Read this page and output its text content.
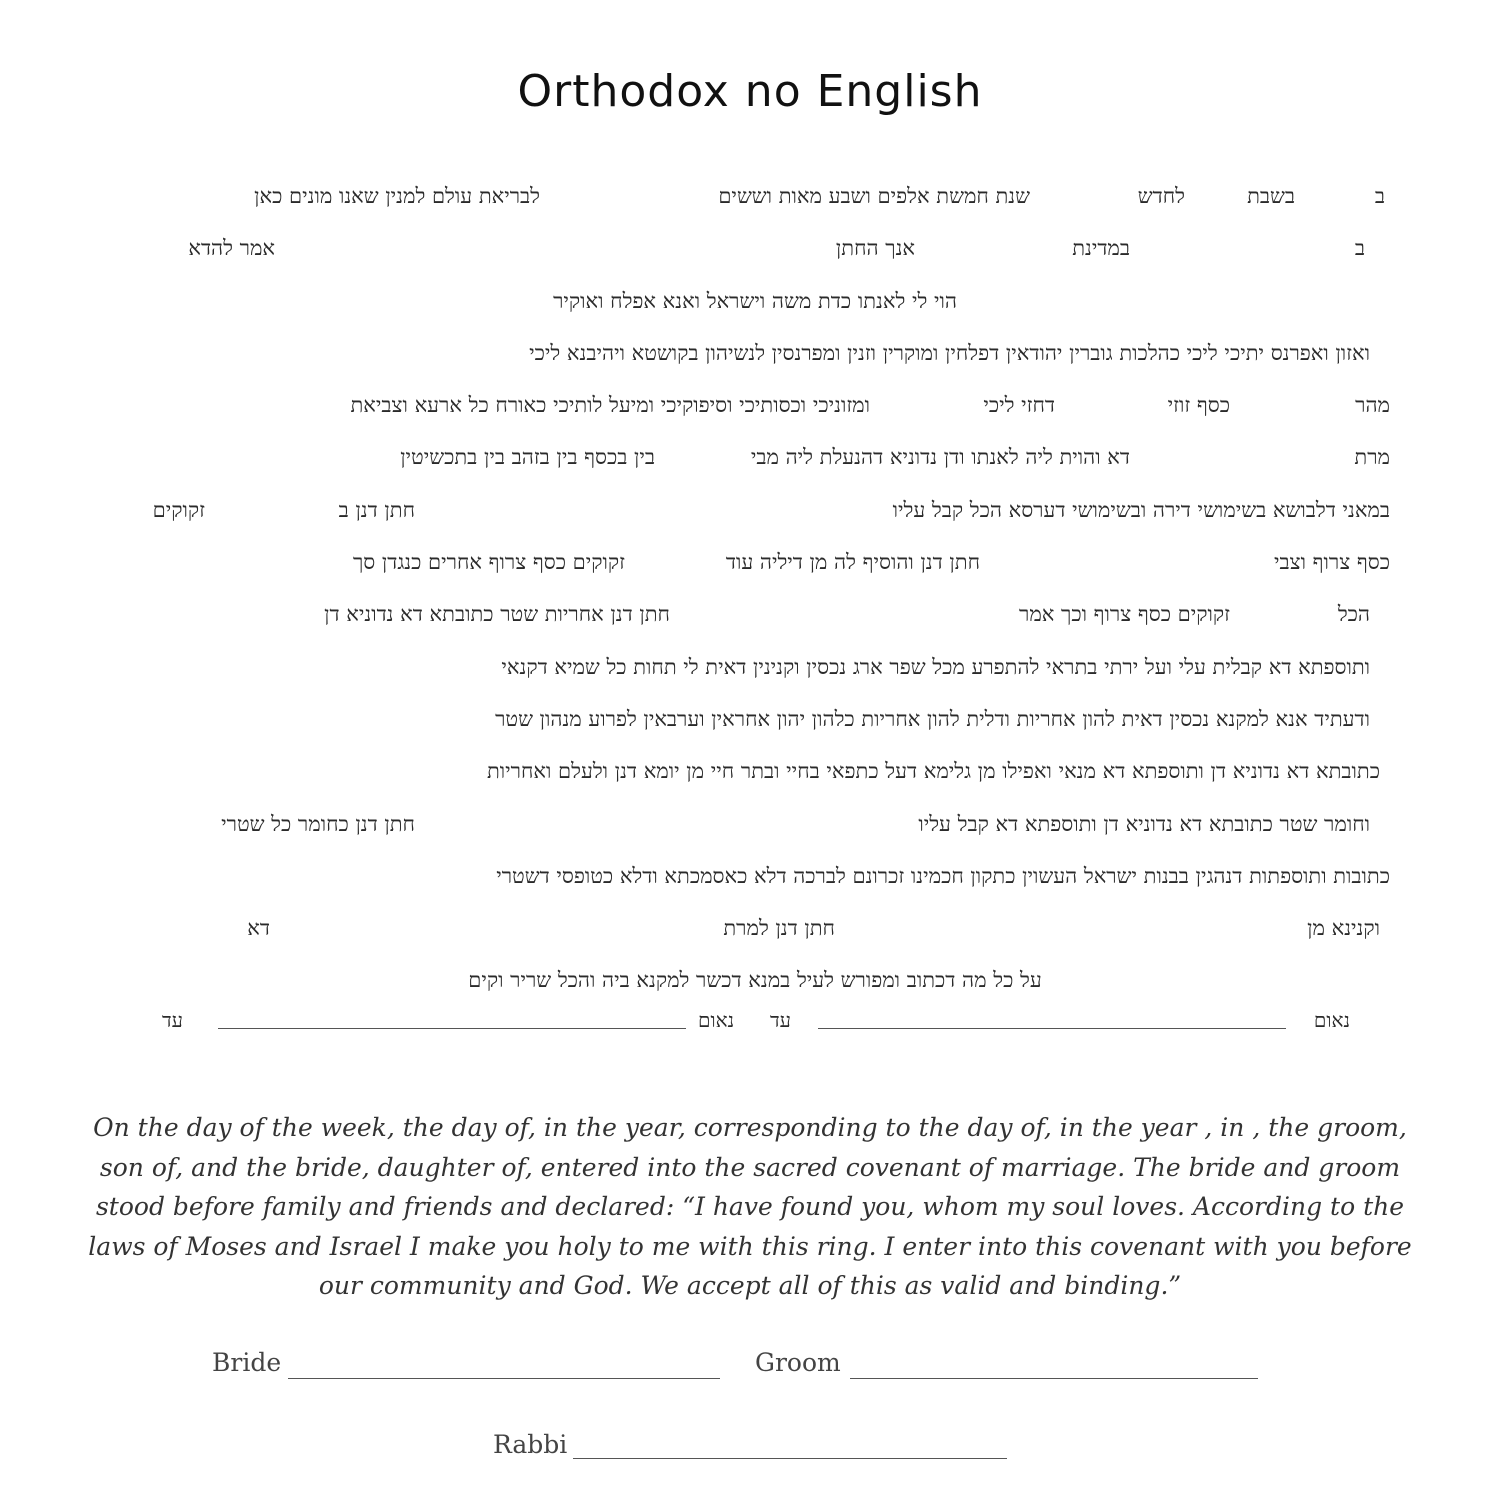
Orthodox no English
ב
בשבת
לחדש
שנת חמשת אלפים ושבע מאות וששים
לבריאת עולם למנין שאנו מונים כאן
ב
במדינת
אנך החתן
אמר להדא
הוי לי לאנתו כדת משה וישראל ואנא אפלח ואוקיר
ואזון ואפרנס יתיכי ליכי כהלכות גוברין יהודאין דפלחין ומוקרין וזנין ומפרנסין לנשיהון בקושטא ויהיבנא ליכי
מהר
כסף זוזי
דחזי ליכי
ומזוניכי וכסותיכי וסיפוקיכי ומיעל לותיכי כאורח כל ארעא וצביאת
מרת
דא והוית ליה לאנתו ודן נדוניא דהנעלת ליה מבי
בין בכסף בין בזהב בין בתכשיטין
במאני דלבושא בשימושי דירה ובשימושי דערסא הכל קבל עליו
חתן דנן ב
זקוקים
כסף צרוף וצבי
חתן דנן והוסיף לה מן דיליה עוד
זקוקים כסף צרוף אחרים כנגדן סך
הכל
זקוקים כסף צרוף וכך אמר
חתן דנן אחריות שטר כתובתא דא נדוניא דן
ותוספתא דא קבלית עלי ועל ירתי בתראי להתפרע מכל שפר ארג נכסין וקנינין דאית לי תחות כל שמיא דקנאי
ודעתיד אנא למקנא נכסין דאית להון אחריות ודלית להון אחריות כלהון יהון אחראין וערבאין לפרוע מנהון שטר
כתובתא דא נדוניא דן ותוספתא דא מנאי ואפילו מן גלימא דעל כתפאי בחיי ובתר חיי מן יומא דנן ולעלם ואחריות
וחומר שטר כתובתא דא נדוניא דן ותוספתא דא קבל עליו
חתן דנן כחומר כל שטרי
כתובות ותוספתות דנהגין בבנות ישראל העשוין כתקון חכמינו זכרונם לברכה דלא כאסמכתא ודלא כטופסי דשטרי
וקנינא מן
חתן דנן למרת
דא
על כל מה דכתוב ומפורש לעיל במנא דכשר למקנא ביה והכל שריר וקים
נאום
עד
נאום
עד
On the day of the week, the day of, in the year, corresponding to the day of, in the year , in , the groom, son of, and the bride, daughter of, entered into the sacred covenant of marriage. The bride and groom stood before family and friends and declared: “I have found you, whom my soul loves. According to the laws of Moses and Israel I make you holy to me with this ring. I enter into this covenant with you before our community and God. We accept all of this as valid and binding.”
Bride	Groom
Rabbi
